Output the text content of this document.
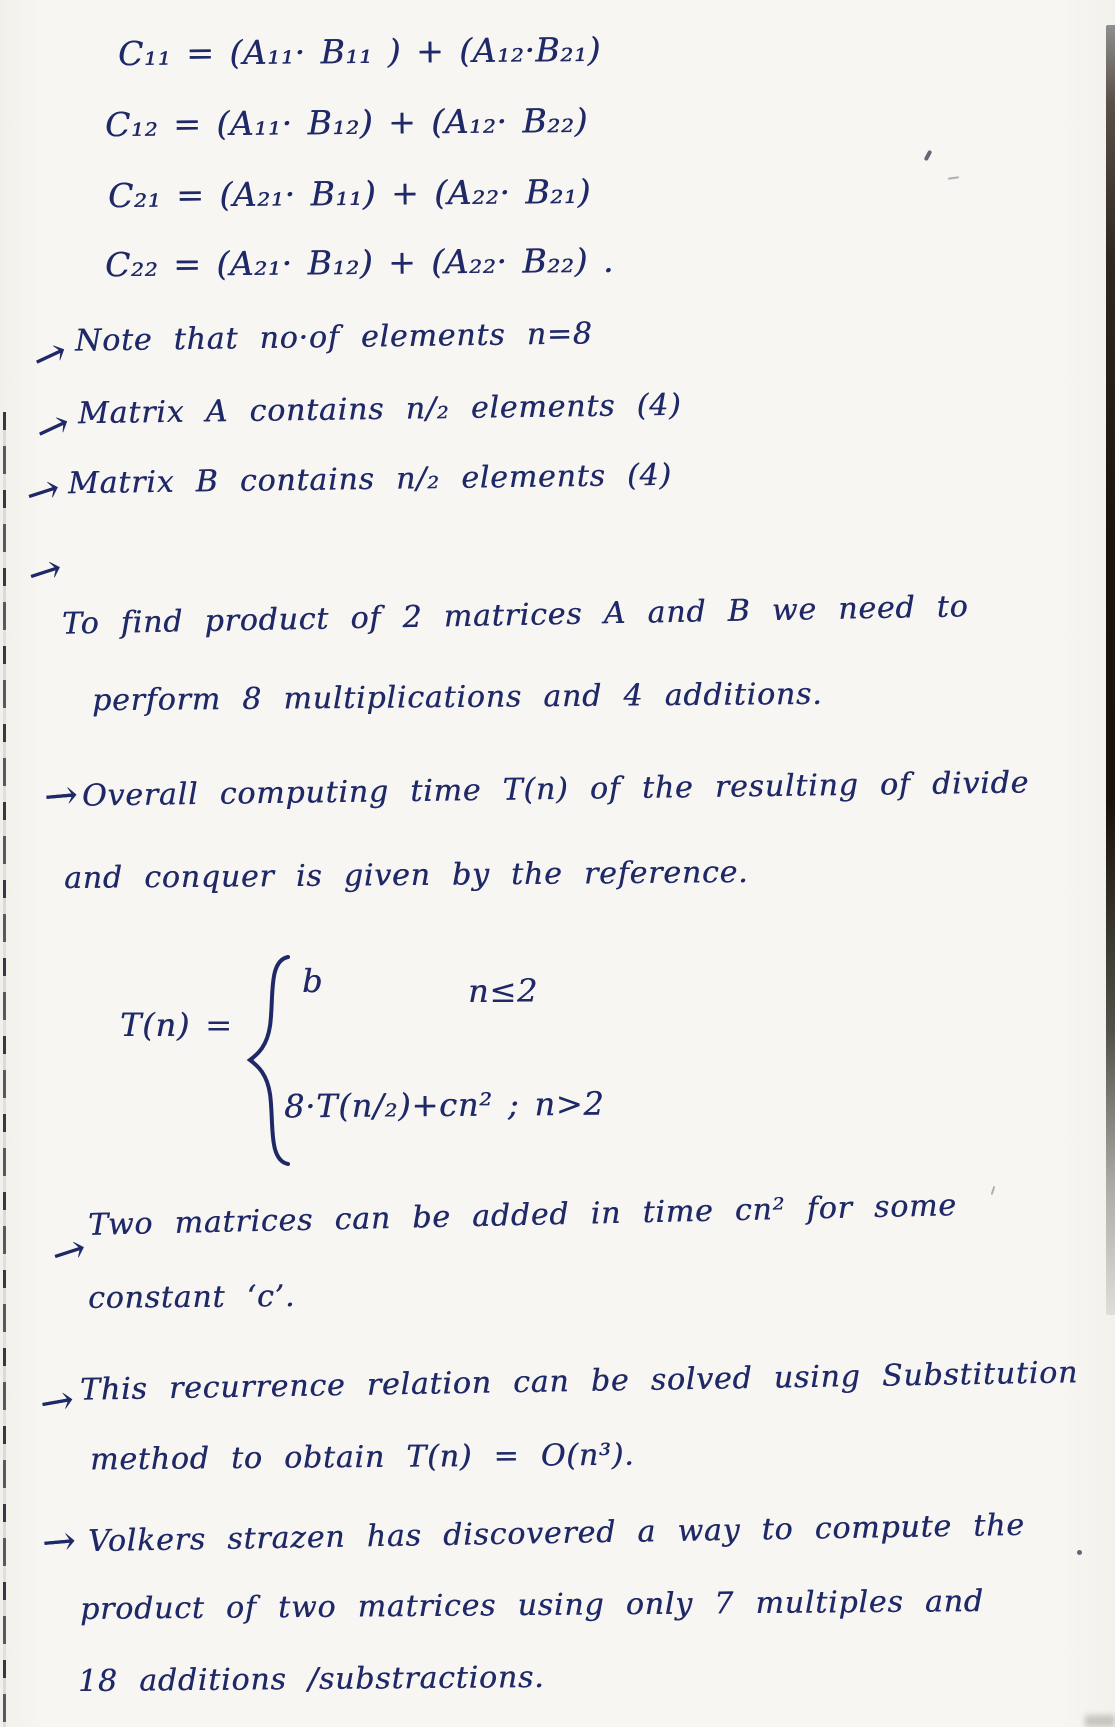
C₁₁ = (A₁₁· B₁₁ ) + (A₁₂·B₂₁)
C₁₂ = (A₁₁· B₁₂) + (A₁₂· B₂₂)
C₂₁ = (A₂₁· B₁₁) + (A₂₂· B₂₁)
C₂₂ = (A₂₁· B₁₂) + (A₂₂· B₂₂) .
→ Note that no·of elements n=8
→ Matrix A contains n/₂ elements (4)
→ Matrix B contains n/₂ elements (4)
→
To find product of 2 matrices A and B we need to
perform 8 multiplications and 4 additions.
→ Overall computing time T(n) of the resulting of divide
and conquer is given by the reference.
T(n) =
b	n≤2
8·T(n/₂)+cn² ; n>2
→
Two matrices can be added in time cn² for some
constant ‘c’.
→ This recurrence relation can be solved using Substitution
method to obtain T(n) = O(n³).
→ Volkers strazen has discovered a way to compute the
product of two matrices using only 7 multiples and
18 additions /substractions.
